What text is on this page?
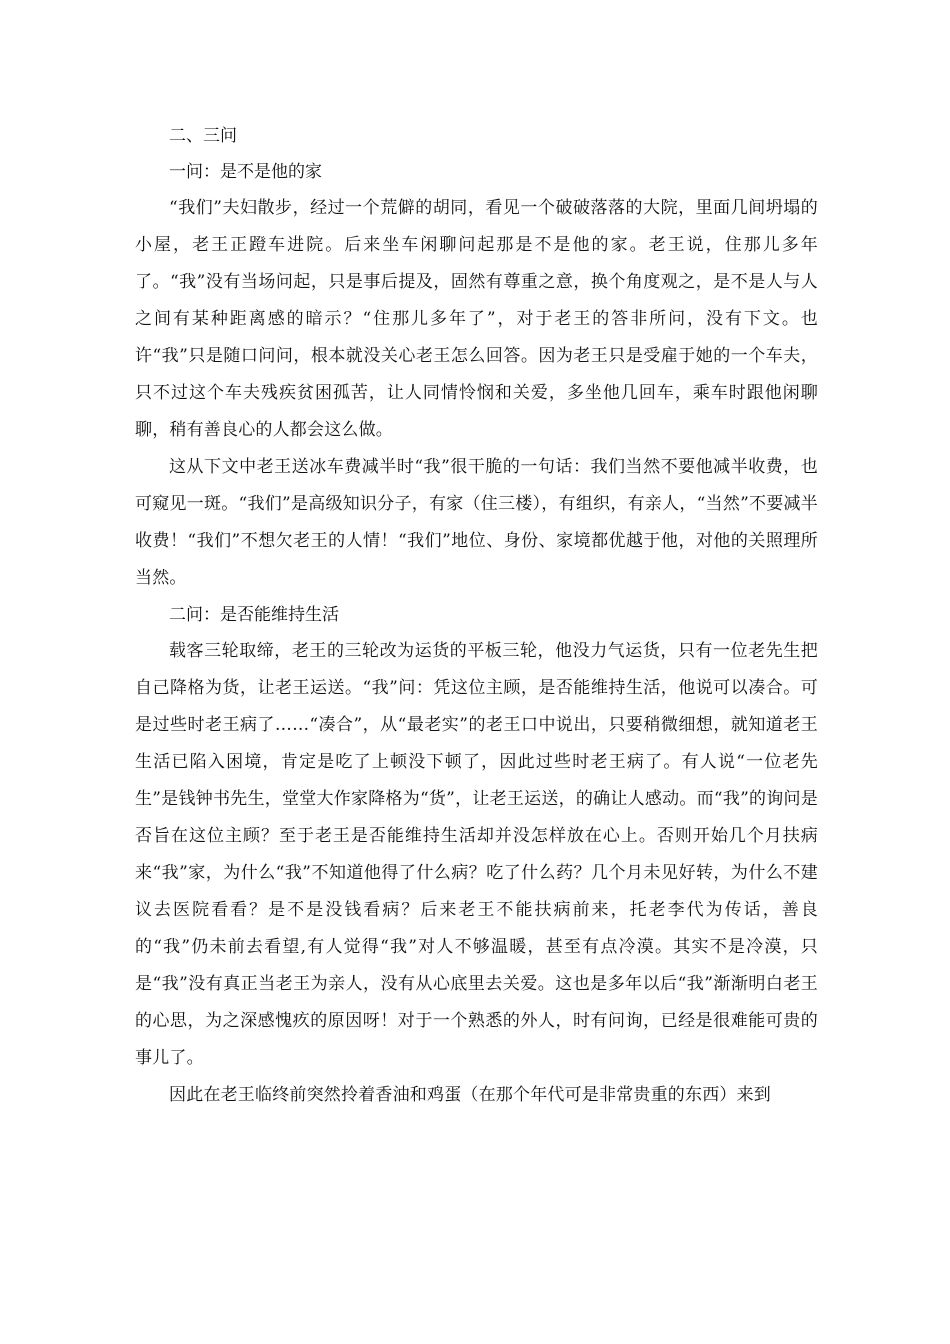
二、三问

一问：是不是他的家

“我们”夫妇散步，经过一个荒僻的胡同，看见一个破破落落的大院，里面几间坍塌的小屋，老王正蹬车进院。后来坐车闲聊问起那是不是他的家。老王说，住那儿多年了。“我”没有当场问起，只是事后提及，固然有尊重之意，换个角度观之，是不是人与人之间有某种距离感的暗示？“住那儿多年了”，对于老王的答非所问，没有下文。也许“我”只是随口问问，根本就没关心老王怎么回答。因为老王只是受雇于她的一个车夫，只不过这个车夫残疾贫困孤苦，让人同情怜悯和关爱，多坐他几回车，乘车时跟他闲聊聊，稍有善良心的人都会这么做。

这从下文中老王送冰车费减半时“我”很干脆的一句话：我们当然不要他减半收费，也可窥见一斑。“我们”是高级知识分子，有家（住三楼），有组织，有亲人，“当然”不要减半收费！“我们”不想欠老王的人情！“我们”地位、身份、家境都优越于他，对他的关照理所当然。

二问：是否能维持生活

载客三轮取缔，老王的三轮改为运货的平板三轮，他没力气运货，只有一位老先生把自己降格为货，让老王运送。“我”问：凭这位主顾，是否能维持生活，他说可以凑合。可是过些时老王病了……“凑合”，从“最老实”的老王口中说出，只要稍微细想，就知道老王生活已陷入困境，肯定是吃了上顿没下顿了，因此过些时老王病了。有人说“一位老先生”是钱钟书先生，堂堂大作家降格为“货”，让老王运送，的确让人感动。而“我”的询问是否旨在这位主顾？至于老王是否能维持生活却并没怎样放在心上。否则开始几个月扶病来“我”家，为什么“我”不知道他得了什么病？吃了什么药？几个月未见好转，为什么不建议去医院看看？是不是没钱看病？后来老王不能扶病前来，托老李代为传话，善良的“我”仍未前去看望,有人觉得“我”对人不够温暖，甚至有点冷漠。其实不是冷漠，只是“我”没有真正当老王为亲人，没有从心底里去关爱。这也是多年以后“我”渐渐明白老王的心思，为之深感愧疚的原因呀！对于一个熟悉的外人，时有问询，已经是很难能可贵的事儿了。

因此在老王临终前突然拎着香油和鸡蛋（在那个年代可是非常贵重的东西）来到
